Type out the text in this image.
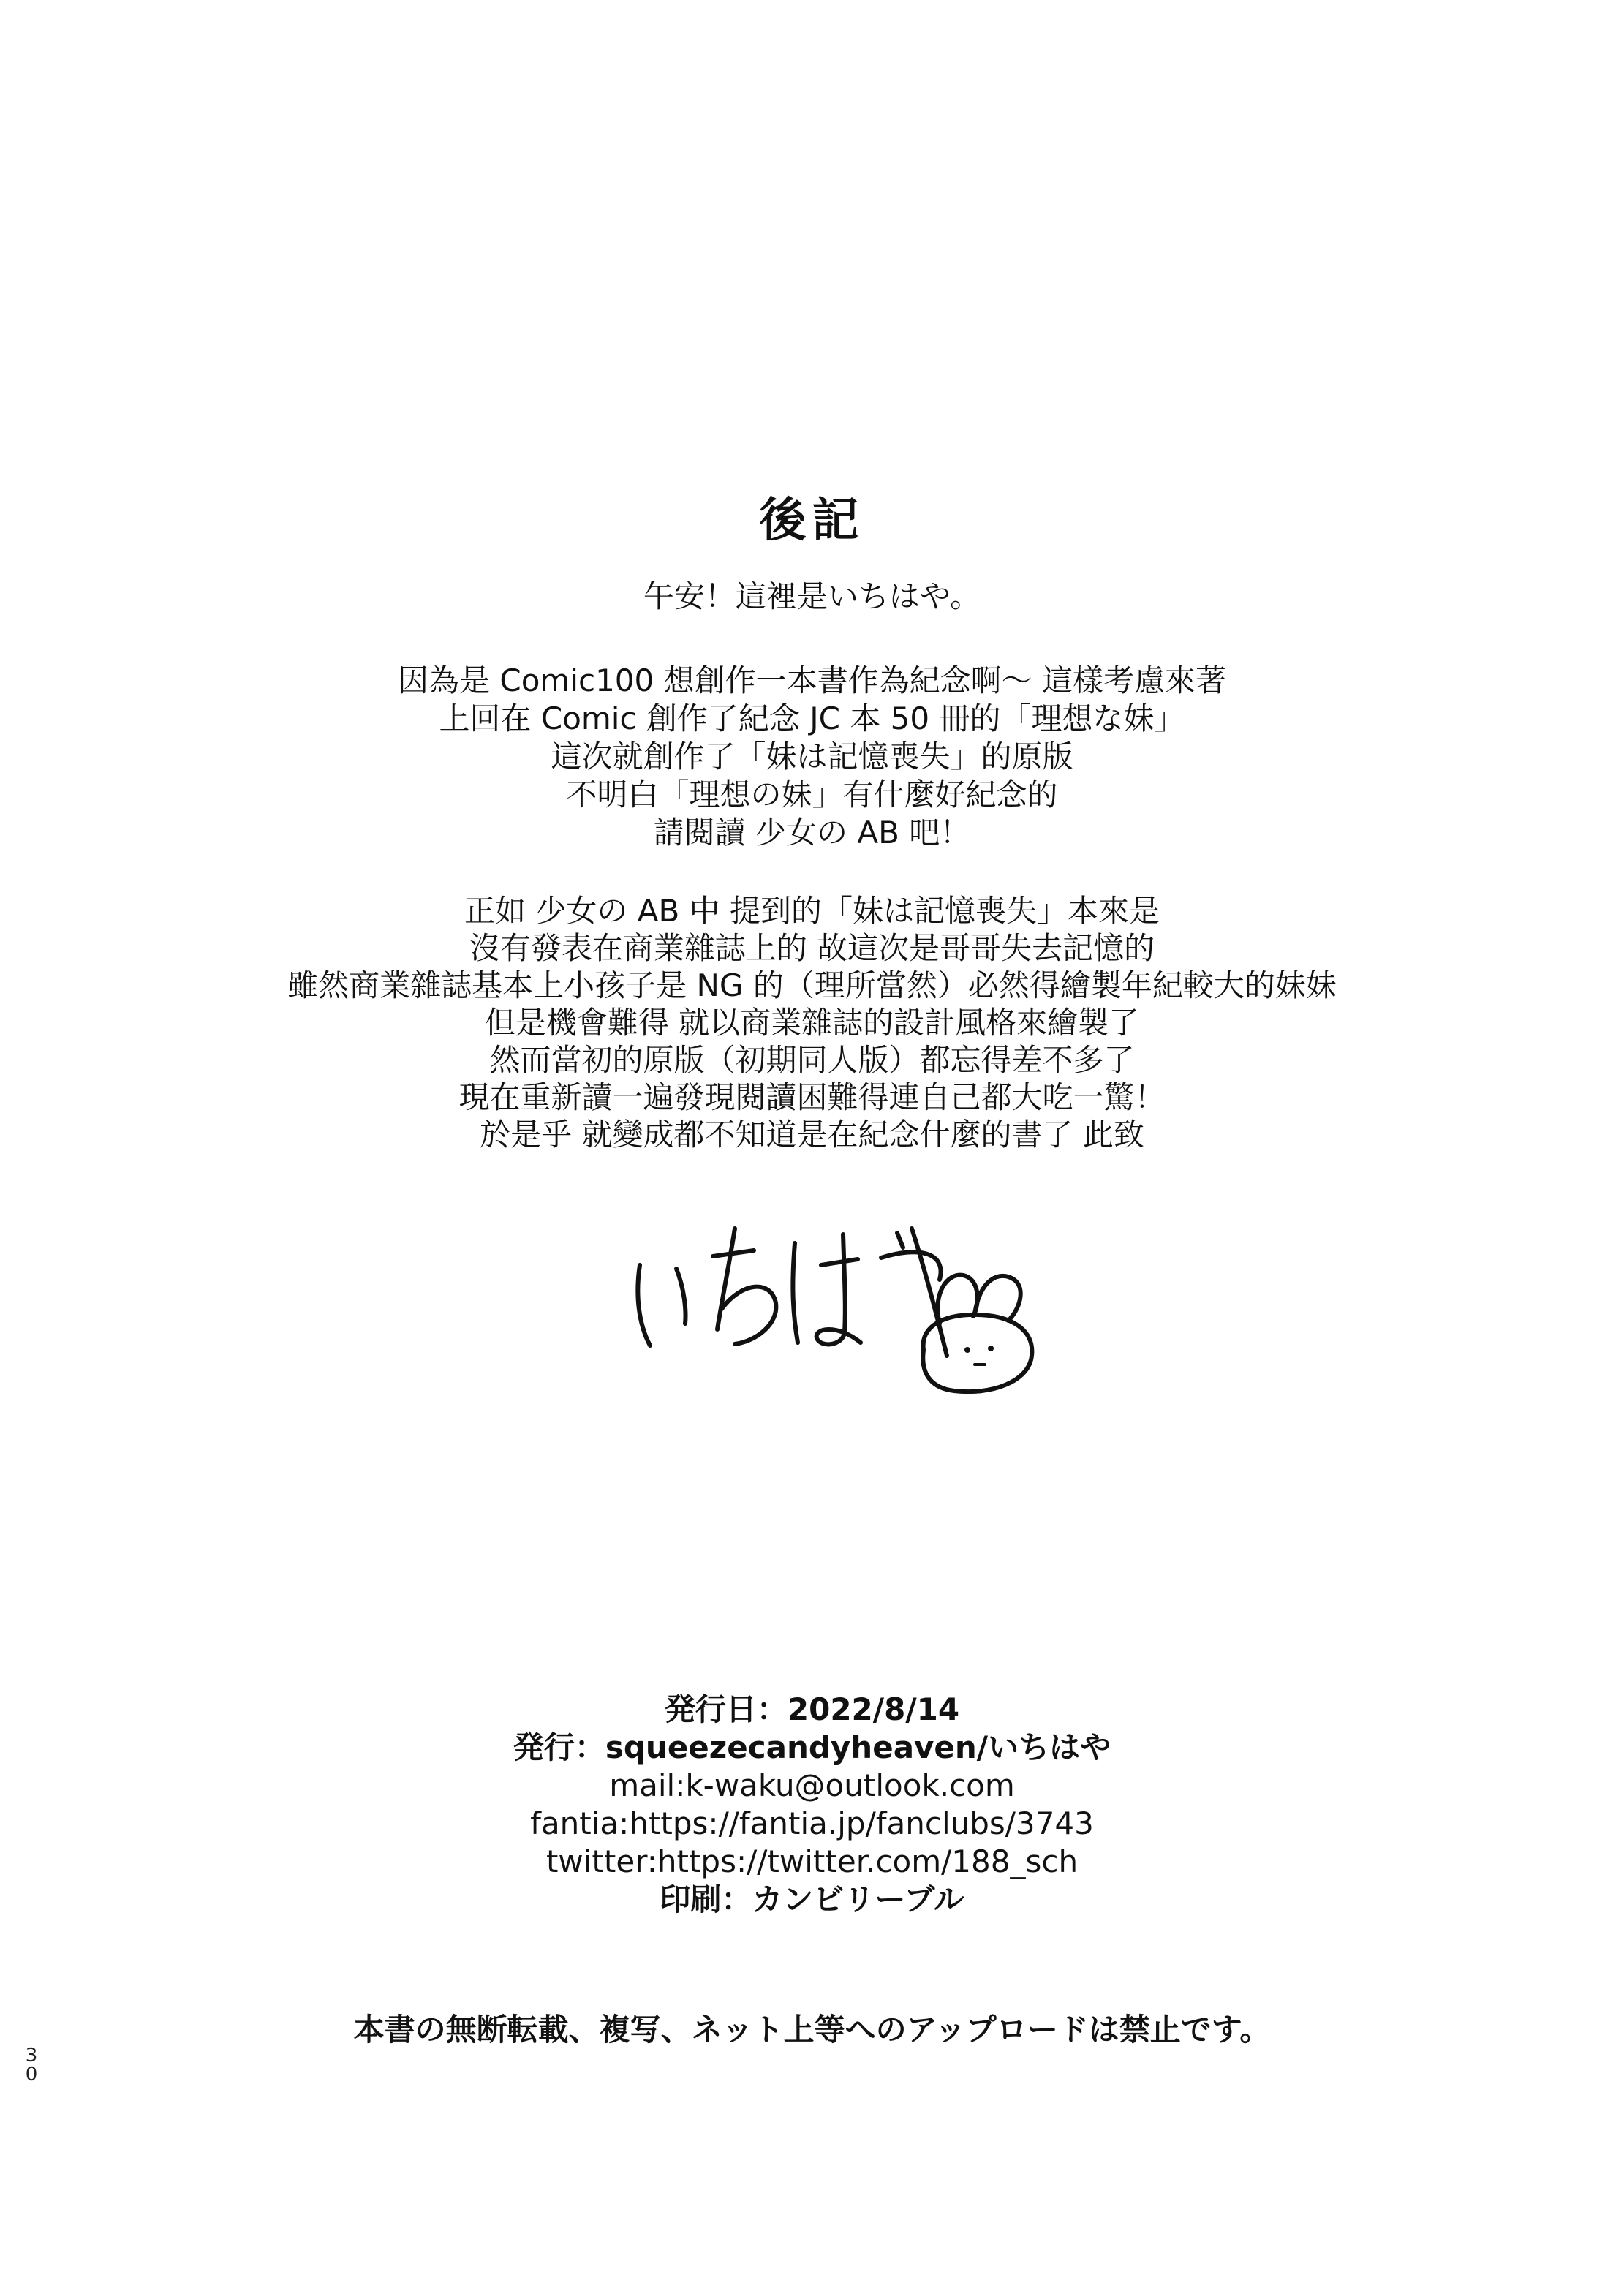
後記
午安！這裡是いちはや。
因為是 Comic100 想創作一本書作為紀念啊～ 這樣考慮來著
上回在 Comic 創作了紀念 JC 本 50 冊的「理想な妹」
這次就創作了「妹は記憶喪失」的原版
不明白「理想の妹」有什麼好紀念的
請閱讀 少女の AB 吧！
正如 少女の AB 中 提到的「妹は記憶喪失」本來是
沒有發表在商業雜誌上的 故這次是哥哥失去記憶的
雖然商業雜誌基本上小孩子是 NG 的（理所當然）必然得繪製年紀較大的妹妹
但是機會難得 就以商業雜誌的設計風格來繪製了
然而當初的原版（初期同人版）都忘得差不多了
現在重新讀一遍發現閱讀困難得連自己都大吃一驚！
於是乎 就變成都不知道是在紀念什麼的書了 此致
発行日：2022/8/14
発行：squeezecandyheaven/いちはや
mail:k-waku@outlook.com
fantia:https://fantia.jp/fanclubs/3743
twitter:https://twitter.com/188_sch
印刷：カンビリーブル
本書の無断転載、複写、ネット上等へのアップロードは禁止です。
30
